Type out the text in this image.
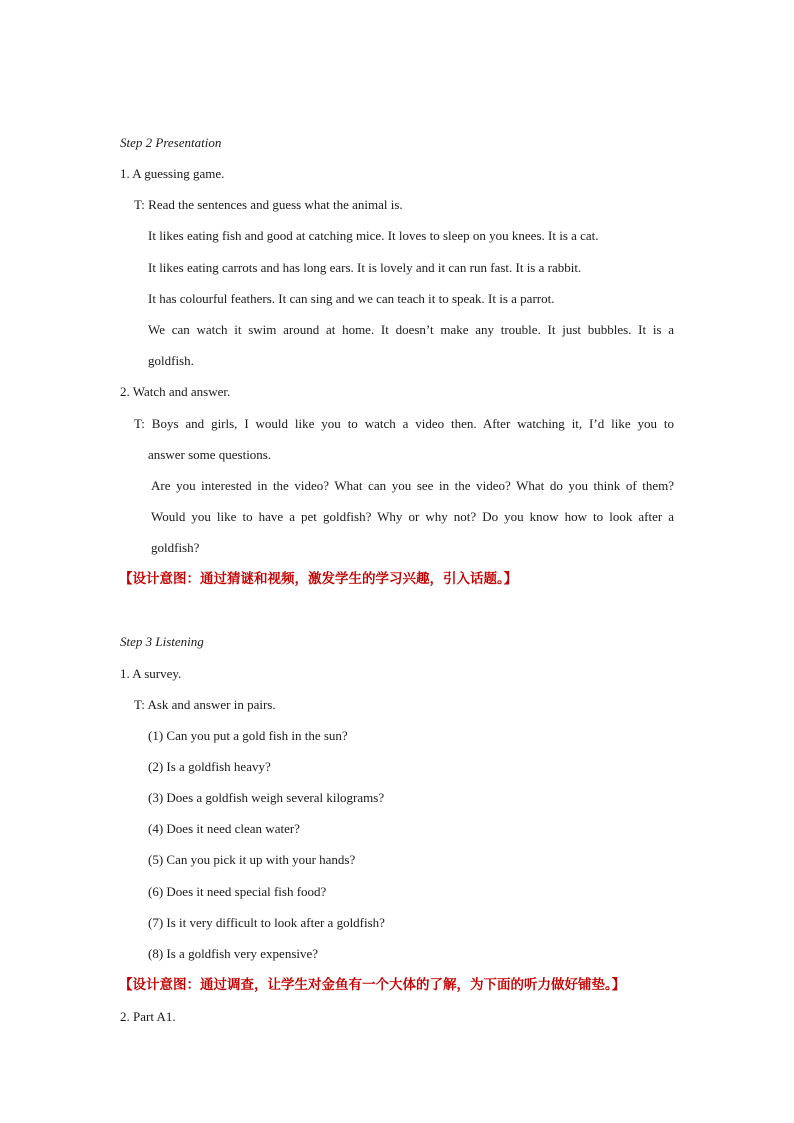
Step 2 Presentation
1. A guessing game.
T: Read the sentences and guess what the animal is.
It likes eating fish and good at catching mice. It loves to sleep on you knees. It is a cat.
It likes eating carrots and has long ears. It is lovely and it can run fast. It is a rabbit.
It has colourful feathers. It can sing and we can teach it to speak. It is a parrot.
We can watch it swim around at home. It doesn’t make any trouble. It just bubbles. It is a
goldfish.
2. Watch and answer.
T: Boys and girls, I would like you to watch a video then. After watching it, I’d like you to
answer some questions.
Are you interested in the video? What can you see in the video? What do you think of them?
Would you like to have a pet goldfish? Why or why not? Do you know how to look after a
goldfish?
【设计意图：通过猜谜和视频，激发学生的学习兴趣，引入话题。】
Step 3 Listening
1. A survey.
T: Ask and answer in pairs.
(1) Can you put a gold fish in the sun?
(2) Is a goldfish heavy?
(3) Does a goldfish weigh several kilograms?
(4) Does it need clean water?
(5) Can you pick it up with your hands?
(6) Does it need special fish food?
(7) Is it very difficult to look after a goldfish?
(8) Is a goldfish very expensive?
【设计意图：通过调查，让学生对金鱼有一个大体的了解，为下面的听力做好铺垫。】
2. Part A1.
